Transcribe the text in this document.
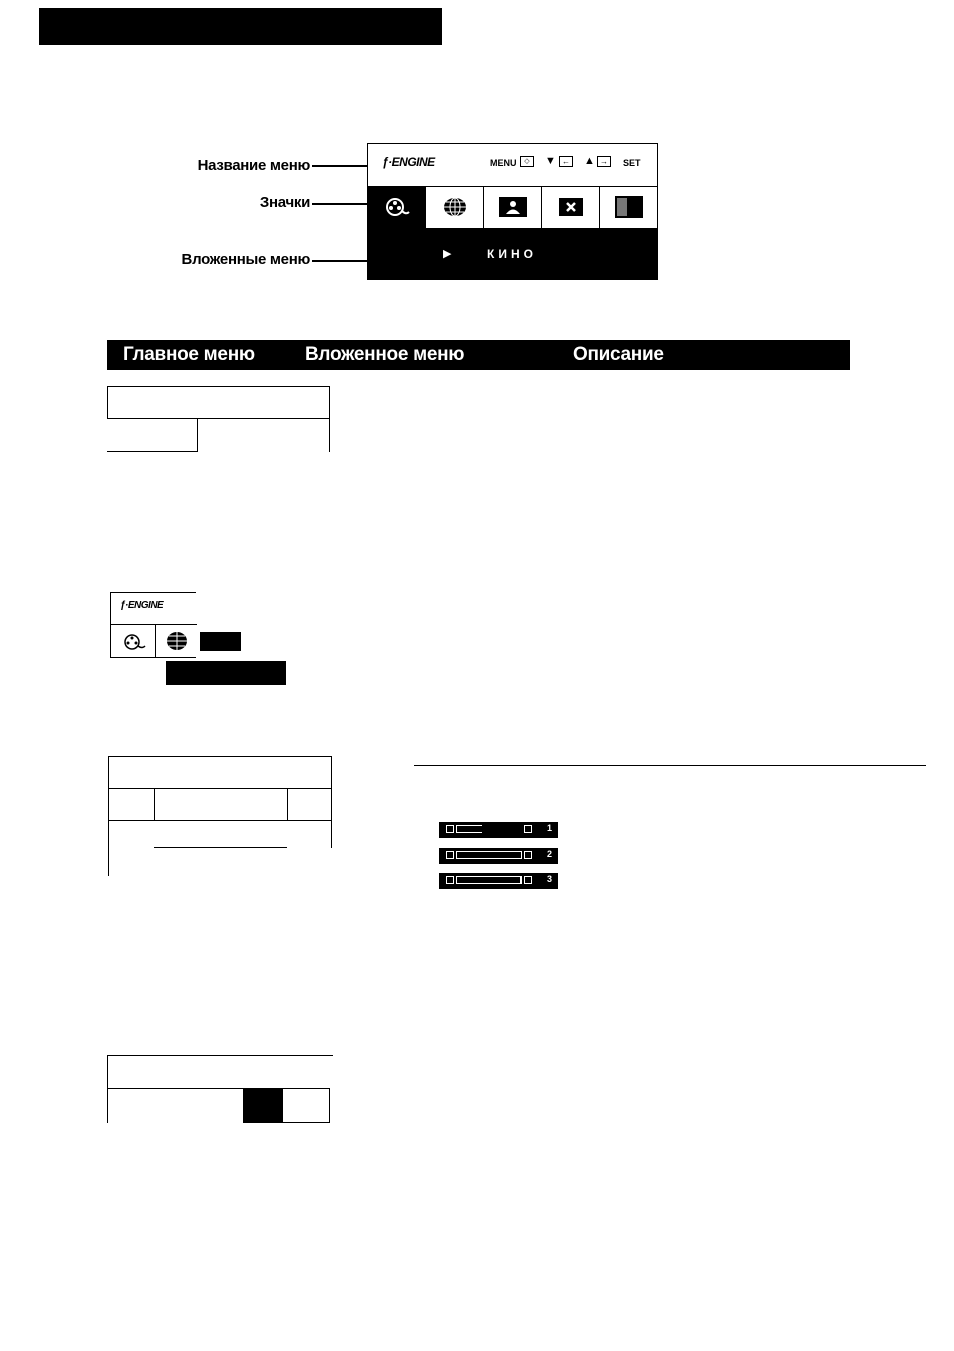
Название меню
Значки
Вложенные меню
ƒ·ENGINE	MENU	◇	▼ ← ▲ →	SET
▶	КИНО
Главное меню	Вложенное меню	Описание
ƒ·ENGINE
1
2
3
